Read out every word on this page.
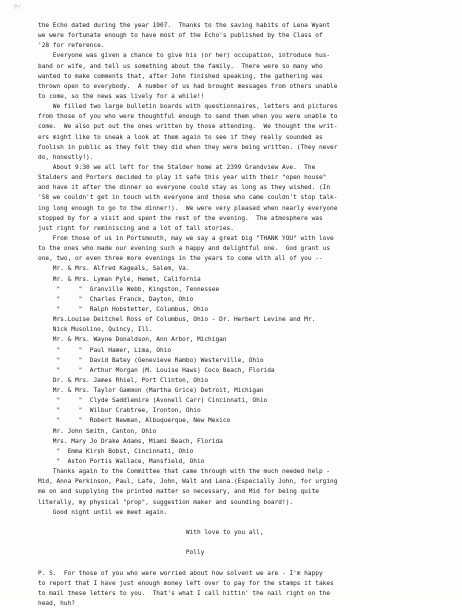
Pr
the Echo dated during the year 1907.  Thanks to the saving habits of Lena Wyant
we were fortunate enough to have most of the Echo's published by the Class of
'28 for reference.
Everyone was given a chance to give his (or her) occupation, introduce hus-
band or wife, and tell us something about the family.  There were so many who
wanted to make comments that, after John finished speaking, the gathering was
thrown open to everybody.  A number of us had brought messages from others unable
to come, so the news was lively for a while!!
We filled two large bulletin boards with questionnaires, letters and pictures
from those of you who were thoughtful enough to send them when you were unable to
come.  We also put out the ones written by those attending.  We thought the writ-
ers might like to sneak a look at them again to see if they really sounded as
foolish in public as they felt they did when they were being written. (They never
do, honestly!).
About 9:30 we all left for the Stalder home at 2399 Grandview Ave.  The
Stalders and Porters decided to play it safe this year with their "open house"
and have it after the dinner so everyone could stay as long as they wished. (In
'58 we couldn't get in touch with everyone and those who came couldn't stop talk-
ing long enough to go to the dinner!).  We were very pleased when nearly everyone
stopped by for a visit and spent the rest of the evening.  The atmosphere was
just right for reminiscing and a lot of tall stories.
From those of us in Portsmouth, may we say a great big "THANK YOU" with love
to the ones who made our evening such a happy and delightful one.  God grant us
one, two, or even three more evenings in the years to come with all of you --
Mr. & Mrs. Alfred Kageals, Salem, Va.
Mr. & Mrs. Lyman Pyle, Hemet, California
"     "  Granville Webb, Kingston, Tennessee
"     "  Charles Franck, Dayton, Ohio
"     "  Ralph Hobstetter, Columbus, Ohio
Mrs.Louise Deitchel Ross of Columbus, Ohio - Dr. Herbert Levine and Mr.
Nick Musolino, Quincy, Ill.
Mr. & Mrs. Wayne Donaldson, Ann Arbor, Michigan
"     "  Paul Hamer, Lima, Ohio
"     "  David Batey (Genevieve Rambo) Westerville, Ohio
"     "  Arthur Morgan (M. Louise Haws) Coco Beach, Florida
Dr. & Mrs. James Rhiel, Port Clinton, Ohio
Mr. & Mrs. Taylor Gammon (Martha Grice) Detroit, Michigan
"     "  Clyde Saddlemire (Avonell Carr) Cincinnati, Ohio
"     "  Wilbur Crabtree, Ironton, Ohio
"     "  Robert Newman, Albuquerque, New Mexico
Mr. John Smith, Canton, Ohio
Mrs. Mary Jo Drake Adams, Miami Beach, Florida
"  Emma Kirsh Bobst, Cincinnati, Ohio
"  Aston Portis Wallace, Mansfield, Ohio
Thanks again to the Committee that came through with the much needed help -
Mid, Anna Perkinson, Paul, Lafe, John, Walt and Lena.(Especially John, for urging
me on and supplying the printed matter so necessary, and Mid for being quite
literally, my physical "prop", suggestion maker and sounding board!).
Good night until we meet again.
With love to you all,
Polly
P. S.  For those of you who were worried about how solvent we are - I'm happy
to report that I have just enough money left over to pay for the stamps it takes
to mail these letters to you.  That's what I call hittin' the nail right on the
head, huh?
